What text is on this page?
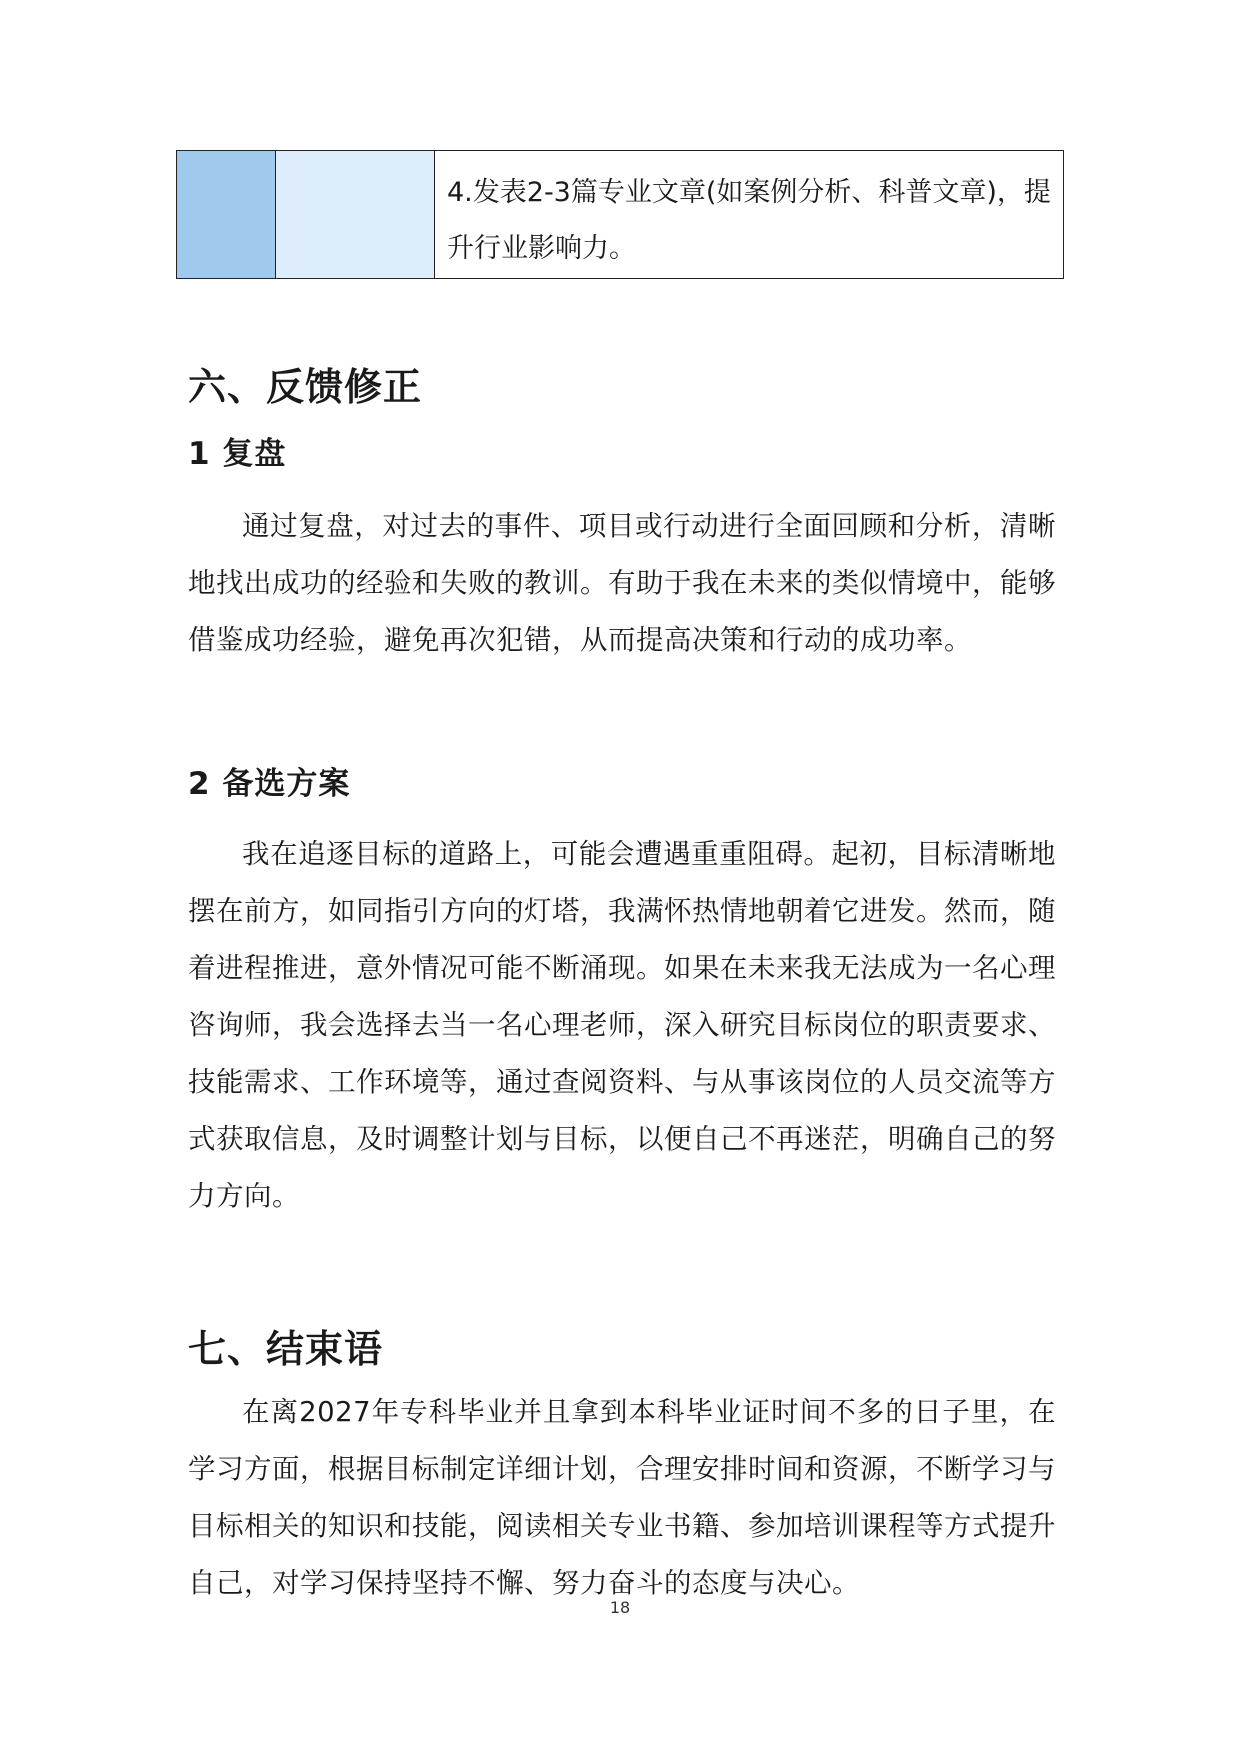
4.发表2-3篇专业文章(如案例分析、科普文章)，提升行业影响力。
六、反馈修正
1 复盘
通过复盘，对过去的事件、项目或行动进行全面回顾和分析，清晰地找出成功的经验和失败的教训。有助于我在未来的类似情境中，能够借鉴成功经验，避免再次犯错，从而提高决策和行动的成功率。
2 备选方案
我在追逐目标的道路上，可能会遭遇重重阻碍。起初，目标清晰地摆在前方，如同指引方向的灯塔，我满怀热情地朝着它进发。然而，随着进程推进，意外情况可能不断涌现。如果在未来我无法成为一名心理咨询师，我会选择去当一名心理老师，深入研究目标岗位的职责要求、技能需求、工作环境等，通过查阅资料、与从事该岗位的人员交流等方式获取信息，及时调整计划与目标，以便自己不再迷茫，明确自己的努力方向。
七、结束语
在离2027年专科毕业并且拿到本科毕业证时间不多的日子里，在学习方面，根据目标制定详细计划，合理安排时间和资源，不断学习与目标相关的知识和技能，阅读相关专业书籍、参加培训课程等方式提升自己，对学习保持坚持不懈、努力奋斗的态度与决心。
18
